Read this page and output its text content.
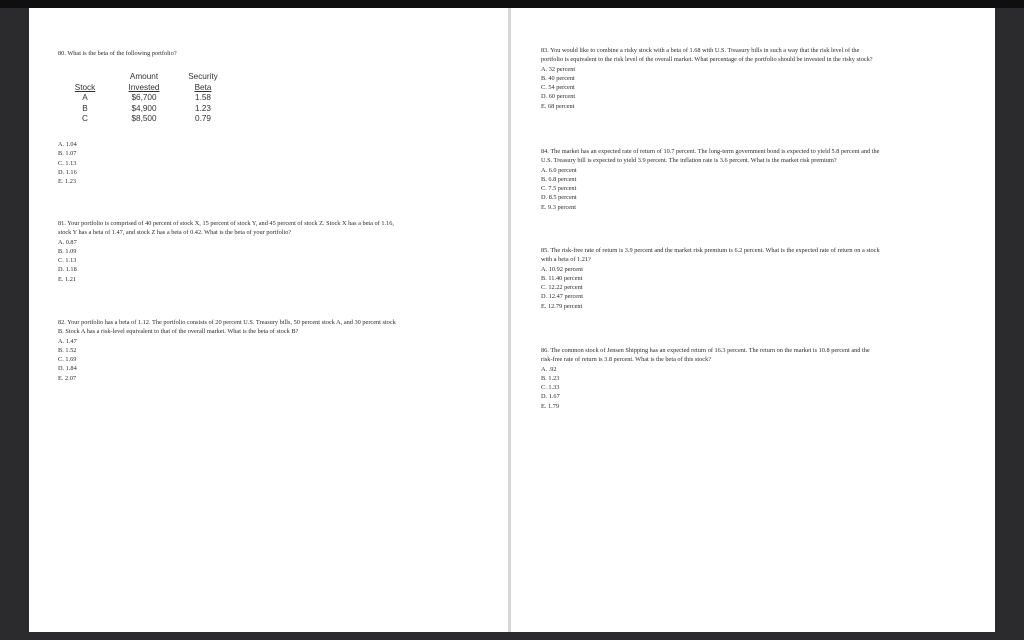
80. What is the beta of the following portfolio?
	Amount	Security
Stock	Invested	Beta
A	$6,700	1.58
B	$4,900	1.23
C	$8,500	0.79
A. 1.04
B. 1.07
C. 1.13
D. 1.16
E. 1.23
81. Your portfolio is comprised of 40 percent of stock X, 15 percent of stock Y, and 45 percent of stock Z. Stock X has a beta of 1.16,
stock Y has a beta of 1.47, and stock Z has a beta of 0.42. What is the beta of your portfolio?
A. 0.87
B. 1.09
C. 1.13
D. 1.18
E. 1.21
82. Your portfolio has a beta of 1.12. The portfolio consists of 20 percent U.S. Treasury bills, 50 percent stock A, and 30 percent stock
B. Stock A has a risk-level equivalent to that of the overall market. What is the beta of stock B?
A. 1.47
B. 1.52
C. 1.69
D. 1.84
E. 2.07
83. You would like to combine a risky stock with a beta of 1.68 with U.S. Treasury bills in such a way that the risk level of the
portfolio is equivalent to the risk level of the overall market. What percentage of the portfolio should be invested in the risky stock?
A. 32 percent
B. 40 percent
C. 54 percent
D. 60 percent
E. 68 percent
84. The market has an expected rate of return of 10.7 percent. The long-term government bond is expected to yield 5.8 percent and the
U.S. Treasury bill is expected to yield 3.9 percent. The inflation rate is 3.6 percent. What is the market risk premium?
A. 6.0 percent
B. 6.8 percent
C. 7.5 percent
D. 8.5 percent
E. 9.3 percent
85. The risk-free rate of return is 3.9 percent and the market risk premium is 6.2 percent. What is the expected rate of return on a stock
with a beta of 1.21?
A. 10.92 percent
B. 11.40 percent
C. 12.22 percent
D. 12.47 percent
E. 12.79 percent
86. The common stock of Jensen Shipping has an expected return of 16.3 percent. The return on the market is 10.8 percent and the
risk-free rate of return is 3.8 percent. What is the beta of this stock?
A. .92
B. 1.23
C. 1.33
D. 1.67
E. 1.79
